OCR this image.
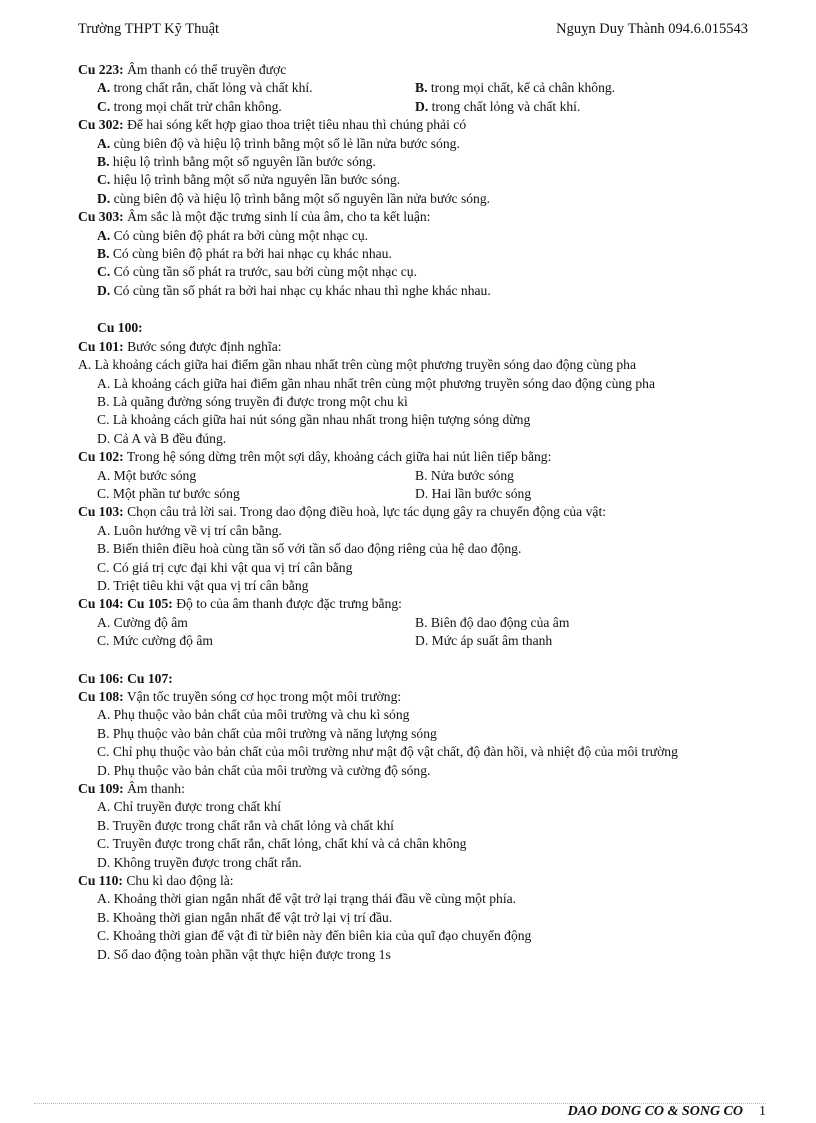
Trường THPT Kỹ Thuật	Nguỵn Duy Thành 094.6.015543
Cu 223: Âm thanh có thể truyền được
A. trong chất rắn, chất lỏng và chất khí.	B. trong mọi chất, kể cả chân không.
C. trong mọi chất trừ chân không.	D. trong chất lỏng và chất khí.
Cu 302: Để hai sóng kết hợp giao thoa triệt tiêu nhau thì chúng phải có
A. cùng biên độ và hiệu lộ trình bằng một số lẻ lần nửa bước sóng.
B. hiệu lộ trình bằng một số nguyên lần bước sóng.
C. hiệu lộ trình bằng một số nửa nguyên lần bước sóng.
D. cùng biên độ và hiệu lộ trình bằng một số nguyên lần nửa bước sóng.
Cu 303: Âm sắc là một đặc trưng sinh lí của âm, cho ta kết luận:
A. Có cùng biên độ phát ra bởi cùng một nhạc cụ.
B. Có cùng biên độ phát ra bởi hai nhạc cụ khác nhau.
C. Có cùng tần số phát ra trước, sau bởi cùng một nhạc cụ.
D. Có cùng tần số phát ra bởi hai nhạc cụ khác nhau thì nghe khác nhau.
Cu 100:
Cu 101: Bước sóng được định nghĩa:
A. Là khoảng cách giữa hai điểm gần nhau nhất trên cùng một phương truyền sóng dao động cùng pha
A. Là khoảng cách giữa hai điểm gần nhau nhất trên cùng một phương truyền sóng dao động cùng pha
B. Là quãng đường sóng truyền đi được trong một chu kì
C. Là khoảng cách giữa hai nút sóng gần nhau nhất trong hiện tượng sóng dừng
D. Cả A và B đều đúng.
Cu 102: Trong hệ sóng dừng trên một sợi dây, khoảng cách giữa hai nút liên tiếp bằng:
A. Một bước sóng	B. Nửa bước sóng
C. Một phần tư bước sóng	D. Hai lần bước sóng
Cu 103: Chọn câu trả lời sai. Trong dao động điều hoà, lực tác dụng gây ra chuyển động của vật:
A. Luôn hướng về vị trí cân bằng.
B. Biến thiên điều hoà cùng tần số với tần số dao động riêng của hệ dao động.
C. Có giá trị cực đại khi vật qua vị trí cân bằng
D. Triệt tiêu khi vật qua vị trí cân bằng
Cu 104: Cu 105: Độ to của âm thanh được đặc trưng bằng:
A. Cường độ âm	B. Biên độ dao động của âm
C. Mức cường độ âm	D. Mức áp suất âm thanh
Cu 106: Cu 107:
Cu 108: Vận tốc truyền sóng cơ học trong một môi trường:
A. Phụ thuộc vào bản chất của môi trường và chu kì sóng
B. Phụ thuộc vào bản chất của môi trường và năng lượng sóng
C. Chỉ phụ thuộc vào bản chất của môi trường như mật độ vật chất, độ đàn hồi, và nhiệt độ của môi trường
D. Phụ thuộc vào bản chất của môi trường và cường độ sóng.
Cu 109: Âm thanh:
A. Chỉ truyền được trong chất khí
B. Truyền được trong chất rắn và chất lỏng và chất khí
C. Truyền được trong chất rắn, chất lỏng, chất khí và cả chân không
D. Không truyền được trong chất rắn.
Cu 110: Chu kì dao động là:
A. Khoảng thời gian ngắn nhất để vật trở lại trạng thái đầu về cùng một phía.
B. Khoảng thời gian ngắn nhất để vật trở lại vị trí đầu.
C. Khoảng thời gian để vật đi từ biên này đến biên kia của quĩ đạo chuyển động
D. Số dao động toàn phần vật thực hiện được trong 1s
DAO DONG CO & SONG CO 1
